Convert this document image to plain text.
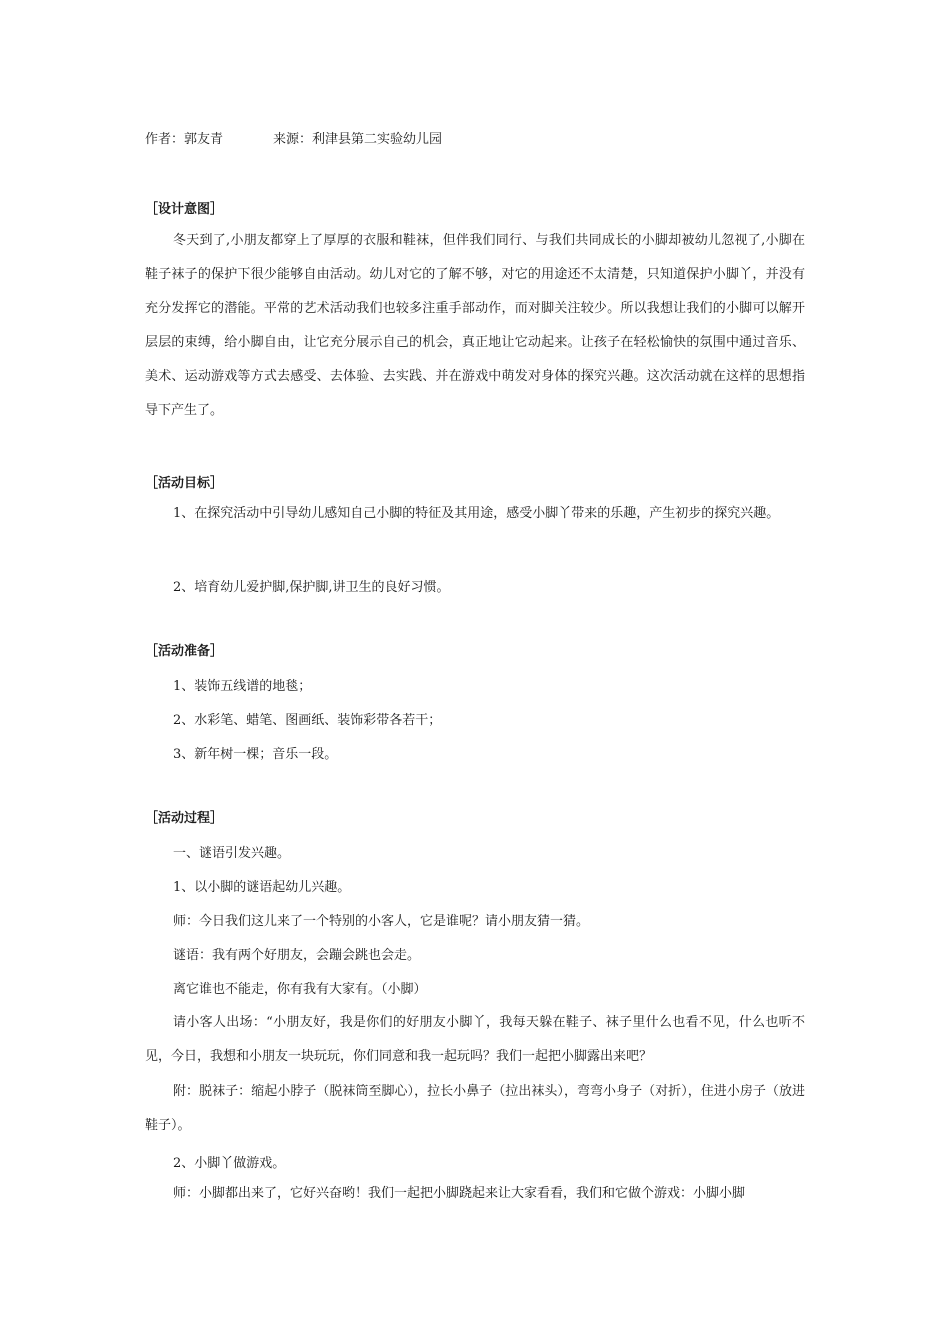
作者：郭友青	来源：利津县第二实验幼儿园
［设计意图］
冬天到了,小朋友都穿上了厚厚的衣服和鞋袜，但伴我们同行、与我们共同成长的小脚却被幼儿忽视了,小脚在鞋子袜子的保护下很少能够自由活动。幼儿对它的了解不够，对它的用途还不太清楚，只知道保护小脚丫，并没有充分发挥它的潜能。平常的艺术活动我们也较多注重手部动作，而对脚关注较少。所以我想让我们的小脚可以解开层层的束缚，给小脚自由，让它充分展示自己的机会，真正地让它动起来。让孩子在轻松愉快的氛围中通过音乐、美术、运动游戏等方式去感受、去体验、去实践、并在游戏中萌发对身体的探究兴趣。这次活动就在这样的思想指导下产生了。
［活动目标］
1、在探究活动中引导幼儿感知自己小脚的特征及其用途，感受小脚丫带来的乐趣，产生初步的探究兴趣。
2、培育幼儿爱护脚,保护脚,讲卫生的良好习惯。
［活动准备］
1、装饰五线谱的地毯；
2、水彩笔、蜡笔、图画纸、装饰彩带各若干；
3、新年树一棵；音乐一段。
［活动过程］
一、谜语引发兴趣。
1、以小脚的谜语起幼儿兴趣。
师：今日我们这儿来了一个特别的小客人，它是谁呢？请小朋友猜一猜。
谜语：我有两个好朋友，会蹦会跳也会走。
离它谁也不能走，你有我有大家有。（小脚）
请小客人出场：“小朋友好，我是你们的好朋友小脚丫，我每天躲在鞋子、袜子里什么也看不见，什么也听不见，今日，我想和小朋友一块玩玩，你们同意和我一起玩吗？我们一起把小脚露出来吧？
附：脱袜子：缩起小脖子（脱袜筒至脚心），拉长小鼻子（拉出袜头），弯弯小身子（对折），住进小房子（放进鞋子）。
2、小脚丫做游戏。
师：小脚都出来了，它好兴奋哟！我们一起把小脚跷起来让大家看看，我们和它做个游戏：小脚小脚
